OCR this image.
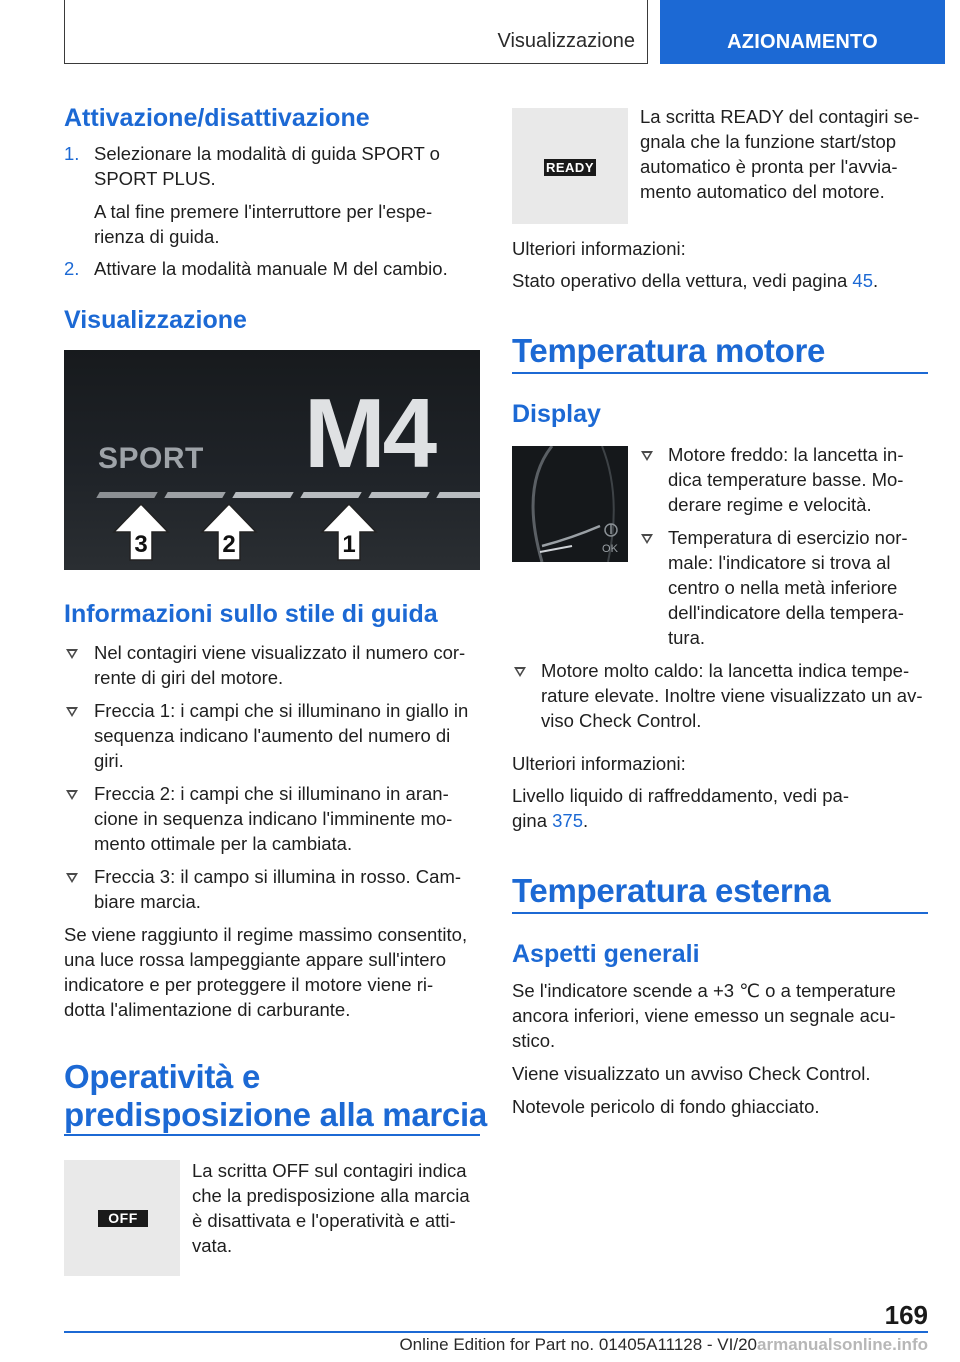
Visualizzazione	AZIONAMENTO
Attivazione/disattivazione
1. Selezionare la modalità di guida SPORT o
SPORT PLUS.
A tal fine premere l'interruttore per l'espe-
rienza di guida.
2. Attivare la modalità manuale M del cambio.
Visualizzazione
SPORT M4
3	2	1
Informazioni sullo stile di guida
Nel contagiri viene visualizzato il numero cor-
rente di giri del motore.
Freccia 1: i campi che si illuminano in giallo in
sequenza indicano l'aumento del numero di
giri.
Freccia 2: i campi che si illuminano in aran-
cione in sequenza indicano l'imminente mo-
mento ottimale per la cambiata.
Freccia 3: il campo si illumina in rosso. Cam-
biare marcia.
Se viene raggiunto il regime massimo consentito,
una luce rossa lampeggiante appare sull'intero
indicatore e per proteggere il motore viene ri-
dotta l'alimentazione di carburante.
Operatività e
predisposizione alla marcia
OFF
La scritta OFF sul contagiri indica
che la predisposizione alla marcia
è disattivata e l'operatività e atti-
vata.
READY
La scritta READY del contagiri se-
gnala che la funzione start/stop
automatico è pronta per l'avvia-
mento automatico del motore.
Ulteriori informazioni:
Stato operativo della vettura, vedi pagina 45.
Temperatura motore
Display
OK
Motore freddo: la lancetta in-
dica temperature basse. Mo-
derare regime e velocità.
Temperatura di esercizio nor-
male: l'indicatore si trova al
centro o nella metà inferiore
dell'indicatore della tempera-
tura.
Motore molto caldo: la lancetta indica tempe-
rature elevate. Inoltre viene visualizzato un av-
viso Check Control.
Ulteriori informazioni:
Livello liquido di raffreddamento, vedi pa-
gina 375.
Temperatura esterna
Aspetti generali
Se l'indicatore scende a +3 ℃ o a temperature
ancora inferiori, viene emesso un segnale acu-
stico.
Viene visualizzato un avviso Check Control.
Notevole pericolo di fondo ghiacciato.
169
Online Edition for Part no. 01405A11128 - VI/20armanualsonline.info
